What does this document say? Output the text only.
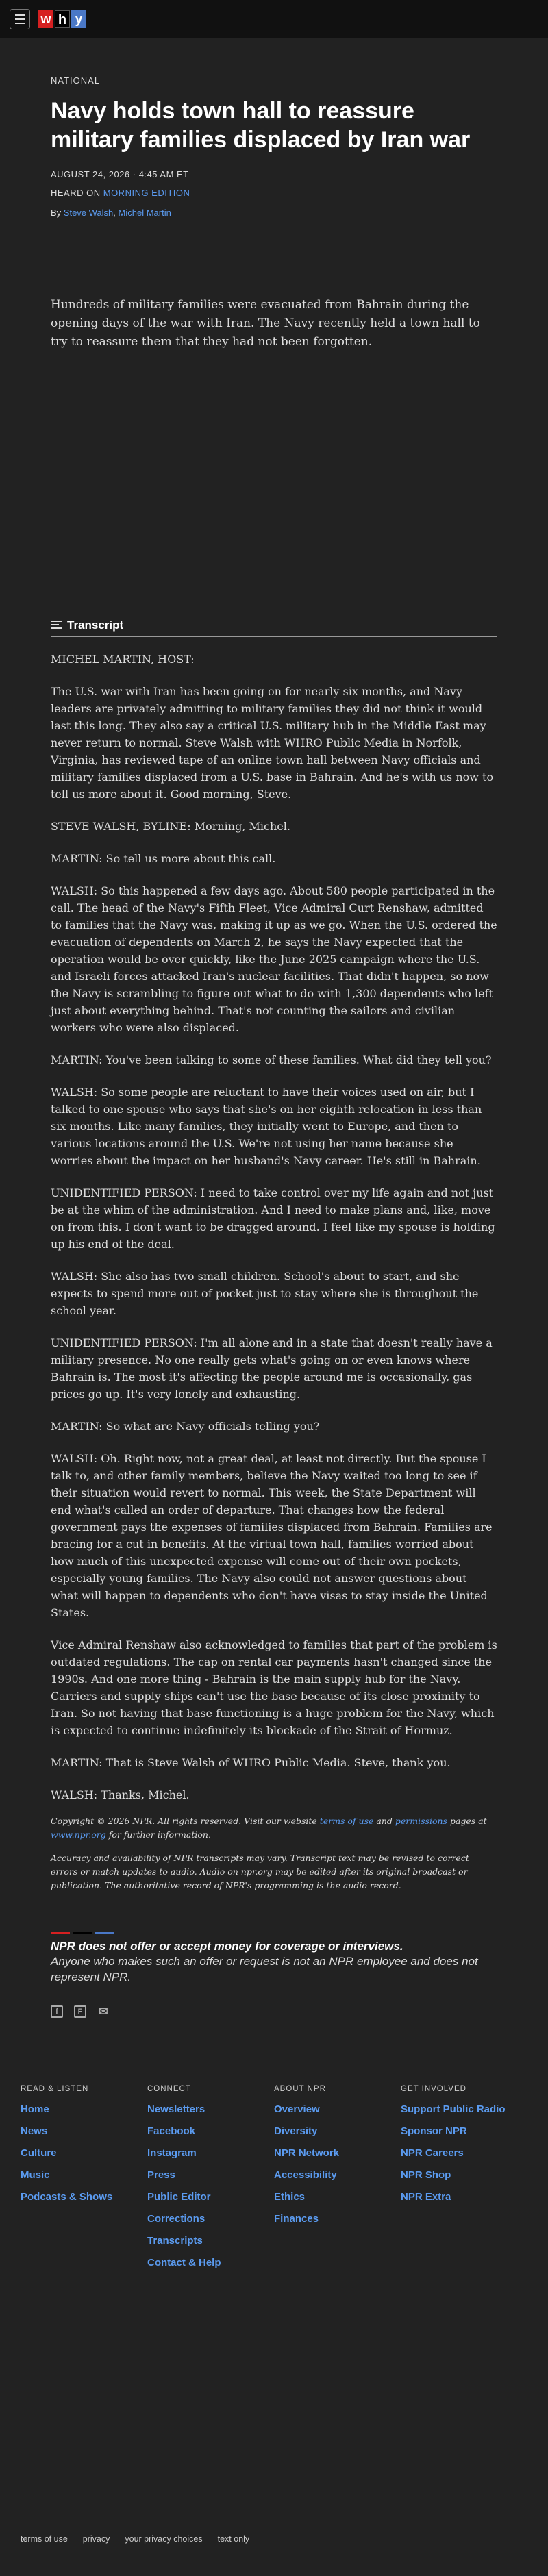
w h y
NATIONAL
Navy holds town hall to reassure military families displaced by Iran war
AUGUST 24, 2026 · 4:45 AM ET
HEARD ON MORNING EDITION
By Steve Walsh, Michel Martin

Hundreds of military families were evacuated from Bahrain during the opening days of the war with Iran. The Navy recently held a town hall to try to reassure them that they had not been forgotten.

Transcript

MICHEL MARTIN, HOST:

The U.S. war with Iran has been going on for nearly six months, and Navy leaders are privately admitting to military families they did not think it would last this long. They also say a critical U.S. military hub in the Middle East may never return to normal. Steve Walsh with WHRO Public Media in Norfolk, Virginia, has reviewed tape of an online town hall between Navy officials and military families displaced from a U.S. base in Bahrain. And he's with us now to tell us more about it. Good morning, Steve.

STEVE WALSH, BYLINE: Morning, Michel.

MARTIN: So tell us more about this call.

WALSH: So this happened a few days ago. About 580 people participated in the call. The head of the Navy's Fifth Fleet, Vice Admiral Curt Renshaw, admitted to families that the Navy was, making it up as we go. When the U.S. ordered the evacuation of dependents on March 2, he says the Navy expected that the operation would be over quickly, like the June 2025 campaign where the U.S. and Israeli forces attacked Iran's nuclear facilities. That didn't happen, so now the Navy is scrambling to figure out what to do with 1,300 dependents who left just about everything behind. That's not counting the sailors and civilian workers who were also displaced.

MARTIN: You've been talking to some of these families. What did they tell you?

WALSH: So some people are reluctant to have their voices used on air, but I talked to one spouse who says that she's on her eighth relocation in less than six months. Like many families, they initially went to Europe, and then to various locations around the U.S. We're not using her name because she worries about the impact on her husband's Navy career. He's still in Bahrain.

UNIDENTIFIED PERSON: I need to take control over my life again and not just be at the whim of the administration. And I need to make plans and, like, move on from this. I don't want to be dragged around. I feel like my spouse is holding up his end of the deal.

WALSH: She also has two small children. School's about to start, and she expects to spend more out of pocket just to stay where she is throughout the school year.

UNIDENTIFIED PERSON: I'm all alone and in a state that doesn't really have a military presence. No one really gets what's going on or even knows where Bahrain is. The most it's affecting the people around me is occasionally, gas prices go up. It's very lonely and exhausting.

MARTIN: So what are Navy officials telling you?

WALSH: Oh. Right now, not a great deal, at least not directly. But the spouse I talk to, and other family members, believe the Navy waited too long to see if their situation would revert to normal. This week, the State Department will end what's called an order of departure. That changes how the federal government pays the expenses of families displaced from Bahrain. Families are bracing for a cut in benefits. At the virtual town hall, families worried about how much of this unexpected expense will come out of their own pockets, especially young families. The Navy also could not answer questions about what will happen to dependents who don't have visas to stay inside the United States.

Vice Admiral Renshaw also acknowledged to families that part of the problem is outdated regulations. The cap on rental car payments hasn't changed since the 1990s. And one more thing - Bahrain is the main supply hub for the Navy. Carriers and supply ships can't use the base because of its close proximity to Iran. So not having that base functioning is a huge problem for the Navy, which is expected to continue indefinitely its blockade of the Strait of Hormuz.

MARTIN: That is Steve Walsh of WHRO Public Media. Steve, thank you.

WALSH: Thanks, Michel.

Copyright © 2026 NPR. All rights reserved. Visit our website terms of use and permissions pages at www.npr.org for further information.

Accuracy and availability of NPR transcripts may vary. Transcript text may be revised to correct errors or match updates to audio. Audio on npr.org may be edited after its original broadcast or publication. The authoritative record of NPR's programming is the audio record.

NPR does not offer or accept money for coverage or interviews.
Anyone who makes such an offer or request is not an NPR employee and does not represent NPR.
f	F	✉
READ & LISTEN
Home
News
Culture
Music
Podcasts & Shows
CONNECT
Newsletters
Facebook
Instagram
Press
Public Editor
Corrections
Transcripts
Contact & Help
ABOUT NPR
Overview
Diversity
NPR Network
Accessibility
Ethics
Finances
GET INVOLVED
Support Public Radio
Sponsor NPR
NPR Careers
NPR Shop
NPR Extra
terms of use privacy your privacy choices text only
